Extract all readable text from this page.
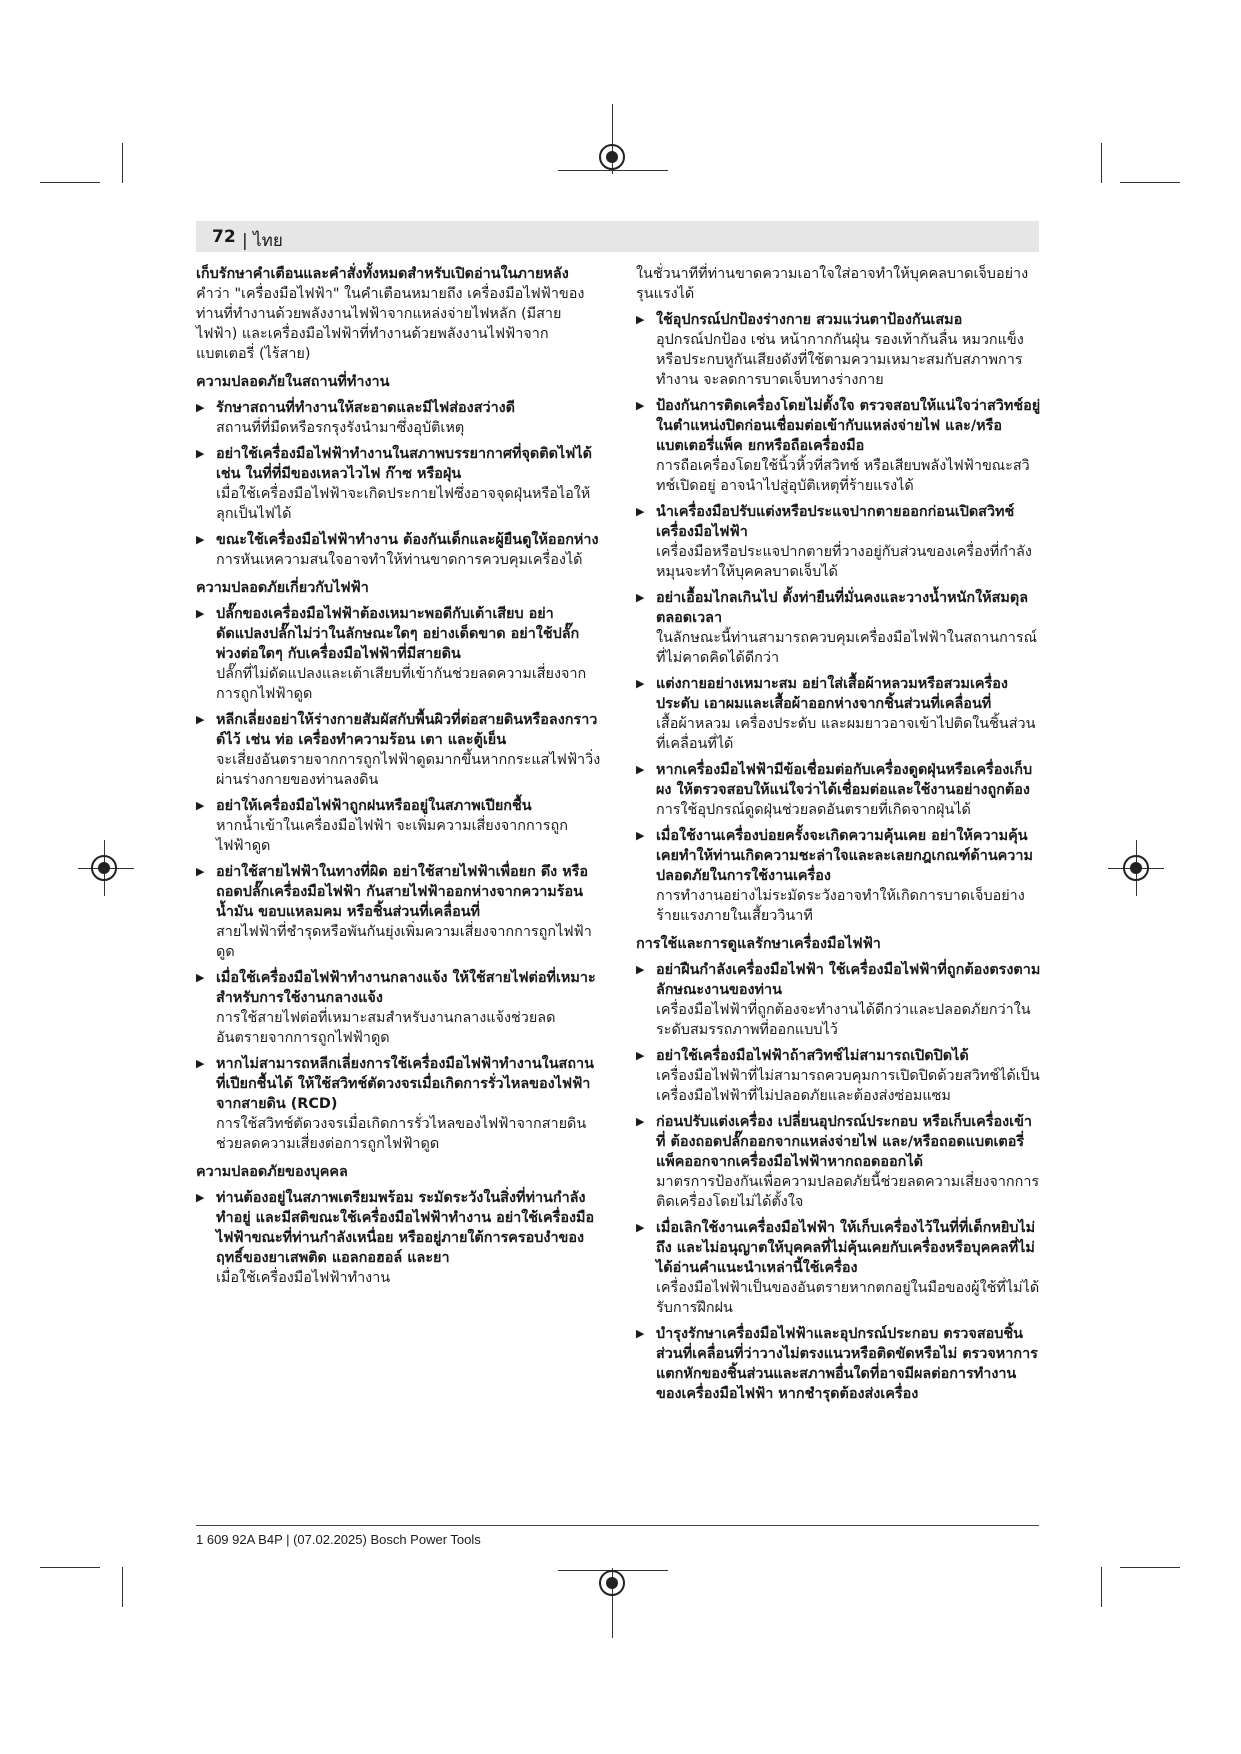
72 | ไทย

เก็บรักษาคำเตือนและคำสั่งทั้งหมดสำหรับเปิดอ่านในภายหลัง

คำว่า "เครื่องมือไฟฟ้า" ในคำเตือนหมายถึง เครื่องมือไฟฟ้าของท่านที่ทำงานด้วยพลังงานไฟฟ้าจากแหล่งจ่ายไฟหลัก (มีสายไฟฟ้า) และเครื่องมือไฟฟ้าที่ทำงานด้วยพลังงานไฟฟ้าจากแบตเตอรี่ (ไร้สาย)

ความปลอดภัยในสถานที่ทำงาน

▶ รักษาสถานที่ทำงานให้สะอาดและมีไฟส่องสว่างดี

สถานที่ที่มืดหรือรกรุงรังนำมาซึ่งอุบัติเหตุ

▶ อย่าใช้เครื่องมือไฟฟ้าทำงานในสภาพบรรยากาศที่จุดติดไฟได้ เช่น ในที่ที่มีของเหลวไวไฟ ก๊าซ หรือฝุ่น

เมื่อใช้เครื่องมือไฟฟ้าจะเกิดประกายไฟซึ่งอาจจุดฝุ่นหรือไอให้ลุกเป็นไฟได้

▶ ขณะใช้เครื่องมือไฟฟ้าทำงาน ต้องกันเด็กและผู้ยืนดูให้ออกห่าง

การหันเหความสนใจอาจทำให้ท่านขาดการควบคุมเครื่องได้

ความปลอดภัยเกี่ยวกับไฟฟ้า

▶ ปลั๊กของเครื่องมือไฟฟ้าต้องเหมาะพอดีกับเต้าเสียบ อย่าดัดแปลงปลั๊กไม่ว่าในลักษณะใดๆ อย่างเด็ดขาด อย่าใช้ปลั๊กพ่วงต่อใดๆ กับเครื่องมือไฟฟ้าที่มีสายดิน

ปลั๊กที่ไม่ดัดแปลงและเต้าเสียบที่เข้ากันช่วยลดความเสี่ยงจากการถูกไฟฟ้าดูด

▶ หลีกเลี่ยงอย่าให้ร่างกายสัมผัสกับพื้นผิวที่ต่อสายดินหรือลงกราวด์ไว้ เช่น ท่อ เครื่องทำความร้อน เตา และตู้เย็น

จะเสี่ยงอันตรายจากการถูกไฟฟ้าดูดมากขึ้นหากกระแสไฟฟ้าวิ่งผ่านร่างกายของท่านลงดิน

▶ อย่าให้เครื่องมือไฟฟ้าถูกฝนหรืออยู่ในสภาพเปียกชื้น

หากน้ำเข้าในเครื่องมือไฟฟ้า จะเพิ่มความเสี่ยงจากการถูกไฟฟ้าดูด

▶ อย่าใช้สายไฟฟ้าในทางที่ผิด อย่าใช้สายไฟฟ้าเพื่อยก ดึง หรือถอดปลั๊กเครื่องมือไฟฟ้า กันสายไฟฟ้าออกห่างจากความร้อน น้ำมัน ขอบแหลมคม หรือชิ้นส่วนที่เคลื่อนที่

สายไฟฟ้าที่ชำรุดหรือพันกันยุ่งเพิ่มความเสี่ยงจากการถูกไฟฟ้าดูด

▶ เมื่อใช้เครื่องมือไฟฟ้าทำงานกลางแจ้ง ให้ใช้สายไฟต่อที่เหมาะสำหรับการใช้งานกลางแจ้ง

การใช้สายไฟต่อที่เหมาะสมสำหรับงานกลางแจ้งช่วยลดอันตรายจากการถูกไฟฟ้าดูด

▶ หากไม่สามารถหลีกเลี่ยงการใช้เครื่องมือไฟฟ้าทำงานในสถานที่เปียกชื้นได้ ให้ใช้สวิทช์ตัดวงจรเมื่อเกิดการรั่วไหลของไฟฟ้าจากสายดิน (RCD)

การใช้สวิทช์ตัดวงจรเมื่อเกิดการรั่วไหลของไฟฟ้าจากสายดินช่วยลดความเสี่ยงต่อการถูกไฟฟ้าดูด

ความปลอดภัยของบุคคล

▶ ท่านต้องอยู่ในสภาพเตรียมพร้อม ระมัดระวังในสิ่งที่ท่านกำลังทำอยู่ และมีสติขณะใช้เครื่องมือไฟฟ้าทำงาน อย่าใช้เครื่องมือไฟฟ้าขณะที่ท่านกำลังเหนื่อย หรืออยู่ภายใต้การครอบงำของฤทธิ์ของยาเสพติด แอลกอฮอล์ และยา

เมื่อใช้เครื่องมือไฟฟ้าทำงาน

ในชั่วนาทีที่ท่านขาดความเอาใจใส่อาจทำให้บุคคลบาดเจ็บอย่างรุนแรงได้

▶ ใช้อุปกรณ์ปกป้องร่างกาย สวมแว่นตาป้องกันเสมอ

อุปกรณ์ปกป้อง เช่น หน้ากากกันฝุ่น รองเท้ากันลื่น หมวกแข็ง หรือประกบหูกันเสียงดังที่ใช้ตามความเหมาะสมกับสภาพการทำงาน จะลดการบาดเจ็บทางร่างกาย

▶ ป้องกันการติดเครื่องโดยไม่ตั้งใจ ตรวจสอบให้แน่ใจว่าสวิทช์อยู่ในตำแหน่งปิดก่อนเชื่อมต่อเข้ากับแหล่งจ่ายไฟ และ/หรือแบตเตอรี่แพ็ค ยกหรือถือเครื่องมือ

การถือเครื่องโดยใช้นิ้วหิ้วที่สวิทช์ หรือเสียบพลังไฟฟ้าขณะสวิทช์เปิดอยู่ อาจนำไปสู่อุบัติเหตุที่ร้ายแรงได้

▶ นำเครื่องมือปรับแต่งหรือประแจปากตายออกก่อนเปิดสวิทช์เครื่องมือไฟฟ้า

เครื่องมือหรือประแจปากตายที่วางอยู่กับส่วนของเครื่องที่กำลังหมุนจะทำให้บุคคลบาดเจ็บได้

▶ อย่าเอื้อมไกลเกินไป ตั้งท่ายืนที่มั่นคงและวางน้ำหนักให้สมดุลตลอดเวลา

ในลักษณะนี้ท่านสามารถควบคุมเครื่องมือไฟฟ้าในสถานการณ์ที่ไม่คาดคิดได้ดีกว่า

▶ แต่งกายอย่างเหมาะสม อย่าใส่เสื้อผ้าหลวมหรือสวมเครื่องประดับ เอาผมและเสื้อผ้าออกห่างจากชิ้นส่วนที่เคลื่อนที่

เสื้อผ้าหลวม เครื่องประดับ และผมยาวอาจเข้าไปติดในชิ้นส่วนที่เคลื่อนที่ได้

▶ หากเครื่องมือไฟฟ้ามีข้อเชื่อมต่อกับเครื่องดูดฝุ่นหรือเครื่องเก็บผง ให้ตรวจสอบให้แน่ใจว่าได้เชื่อมต่อและใช้งานอย่างถูกต้อง

การใช้อุปกรณ์ดูดฝุ่นช่วยลดอันตรายที่เกิดจากฝุ่นได้

▶ เมื่อใช้งานเครื่องบ่อยครั้งจะเกิดความคุ้นเคย อย่าให้ความคุ้นเคยทำให้ท่านเกิดความชะล่าใจและละเลยกฎเกณฑ์ด้านความปลอดภัยในการใช้งานเครื่อง

การทำงานอย่างไม่ระมัดระวังอาจทำให้เกิดการบาดเจ็บอย่างร้ายแรงภายในเสี้ยววินาที

การใช้และการดูแลรักษาเครื่องมือไฟฟ้า

▶ อย่าฝืนกำลังเครื่องมือไฟฟ้า ใช้เครื่องมือไฟฟ้าที่ถูกต้องตรงตามลักษณะงานของท่าน

เครื่องมือไฟฟ้าที่ถูกต้องจะทำงานได้ดีกว่าและปลอดภัยกว่าในระดับสมรรถภาพที่ออกแบบไว้

▶ อย่าใช้เครื่องมือไฟฟ้าถ้าสวิทช์ไม่สามารถเปิดปิดได้

เครื่องมือไฟฟ้าที่ไม่สามารถควบคุมการเปิดปิดด้วยสวิทช์ได้เป็นเครื่องมือไฟฟ้าที่ไม่ปลอดภัยและต้องส่งซ่อมแซม

▶ ก่อนปรับแต่งเครื่อง เปลี่ยนอุปกรณ์ประกอบ หรือเก็บเครื่องเข้าที่ ต้องถอดปลั๊กออกจากแหล่งจ่ายไฟ และ/หรือถอดแบตเตอรี่แพ็คออกจากเครื่องมือไฟฟ้าหากถอดออกได้

มาตรการป้องกันเพื่อความปลอดภัยนี้ช่วยลดความเสี่ยงจากการติดเครื่องโดยไม่ได้ตั้งใจ

▶ เมื่อเลิกใช้งานเครื่องมือไฟฟ้า ให้เก็บเครื่องไว้ในที่ที่เด็กหยิบไม่ถึง และไม่อนุญาตให้บุคคลที่ไม่คุ้นเคยกับเครื่องหรือบุคคลที่ไม่ได้อ่านคำแนะนำเหล่านี้ใช้เครื่อง

เครื่องมือไฟฟ้าเป็นของอันตรายหากตกอยู่ในมือของผู้ใช้ที่ไม่ได้รับการฝึกฝน

▶ บำรุงรักษาเครื่องมือไฟฟ้าและอุปกรณ์ประกอบ ตรวจสอบชิ้นส่วนที่เคลื่อนที่ว่าวางไม่ตรงแนวหรือติดขัดหรือไม่ ตรวจหาการแตกหักของชิ้นส่วนและสภาพอื่นใดที่อาจมีผลต่อการทำงานของเครื่องมือไฟฟ้า หากชำรุดต้องส่งเครื่อง

1 609 92A B4P | (07.02.2025) Bosch Power Tools
